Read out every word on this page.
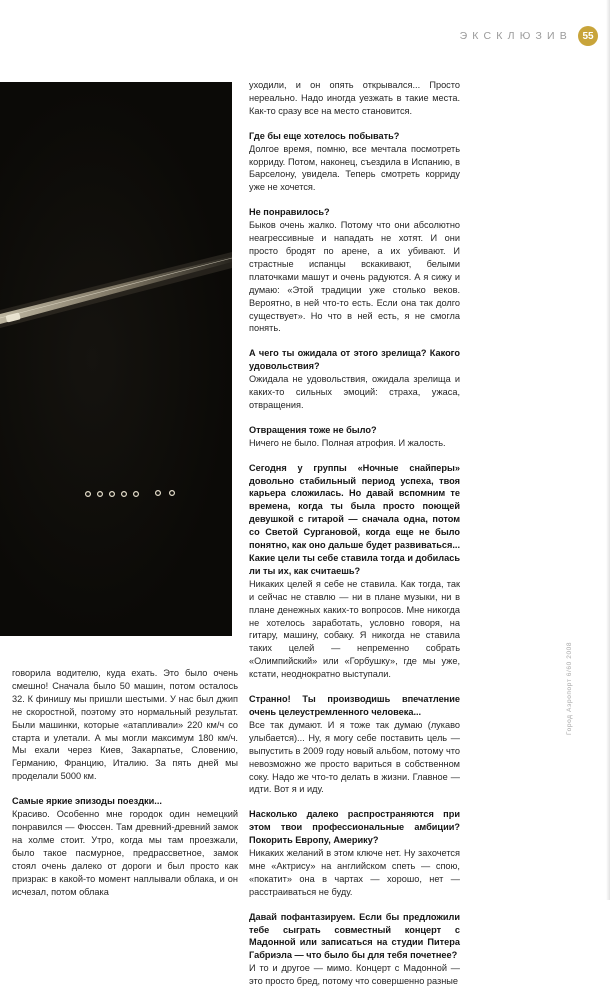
ЭКСКЛЮЗИВ	55

уходили, и он опять открывался... Просто нереально. Надо иногда уезжать в такие места. Как-то сразу все на место становится.

Где бы еще хотелось побывать?

Долгое время, помню, все мечтала посмотреть корриду. Потом, наконец, съездила в Испанию, в Барселону, увидела. Теперь смотреть корриду уже не хочется.

Не понравилось?

Быков очень жалко. Потому что они абсолютно неагрессивные и нападать не хотят. И они просто бродят по арене, а их убивают. И страстные испанцы вскакивают, белыми платочками машут и очень радуются. А я сижу и думаю: «Этой традиции уже столько веков. Вероятно, в ней что-то есть. Если она так долго существует». Но что в ней есть, я не смогла понять.

А чего ты ожидала от этого зрелища? Какого удовольствия?

Ожидала не удовольствия, ожидала зрелища и каких-то сильных эмоций: страха, ужаса, отвращения.

Отвращения тоже не было?

Ничего не было. Полная атрофия. И жалость.

Сегодня у группы «Ночные снайперы» довольно стабильный период успеха, твоя карьера сложилась. Но давай вспомним те времена, когда ты была просто поющей девушкой с гитарой — сначала одна, потом со Светой Сургановой, когда еще не было понятно, как оно дальше будет развиваться... Какие цели ты себе ставила тогда и добилась ли ты их, как считаешь?

Никаких целей я себе не ставила. Как тогда, так и сейчас не ставлю — ни в плане музыки, ни в плане денежных каких-то вопросов. Мне никогда не хотелось заработать, условно говоря, на гитару, машину, собаку. Я никогда не ставила таких целей — непременно собрать «Олимпийский» или «Горбушку», где мы уже, кстати, неоднократно выступали.

Странно! Ты производишь впечатление очень целеустремленного человека...

Все так думают. И я тоже так думаю (лукаво улыбается)... Ну, я могу себе поставить цель — выпустить в 2009 году новый альбом, потому что невозможно же просто вариться в собственном соку. Надо же что-то делать в жизни. Главное — идти. Вот я и иду.

Насколько далеко распространяются при этом твои профессиональные амбиции? Покорить Европу, Америку?

Никаких желаний в этом ключе нет. Ну захочется мне «Актрису» на английском спеть — спою, «покатит» она в чартах — хорошо, нет — расстраиваться не буду.

Давай пофантазируем. Если бы предложили тебе сыграть совместный концерт с Мадонной или записаться на студии Питера Габриэла — что было бы для тебя почетнее?

И то и другое — мимо. Концерт с Мадонной — это просто бред, потому что совершенно разные

говорила водителю, куда ехать. Это было очень смешно! Сначала было 50 машин, потом осталось 32. К финишу мы пришли шестыми. У нас был джип не скоростной, поэтому это нормальный результат. Были машинки, которые «атапливали» 220 км/ч со старта и улетали. А мы могли максимум 180 км/ч. Мы ехали через Киев, Закарпатье, Словению, Германию, Францию, Италию. За пять дней мы проделали 5000 км.

Самые яркие эпизоды поездки...

Красиво. Особенно мне городок один немецкий понравился — Фюссен. Там древний-древний замок на холме стоит. Утро, когда мы там проезжали, было такое пасмурное, предрассветное, замок стоял очень далеко от дороги и был просто как призрак: в какой-то момент наплывали облака, и он исчезал, потом облака

Город Аэропорт 6/60 2008
